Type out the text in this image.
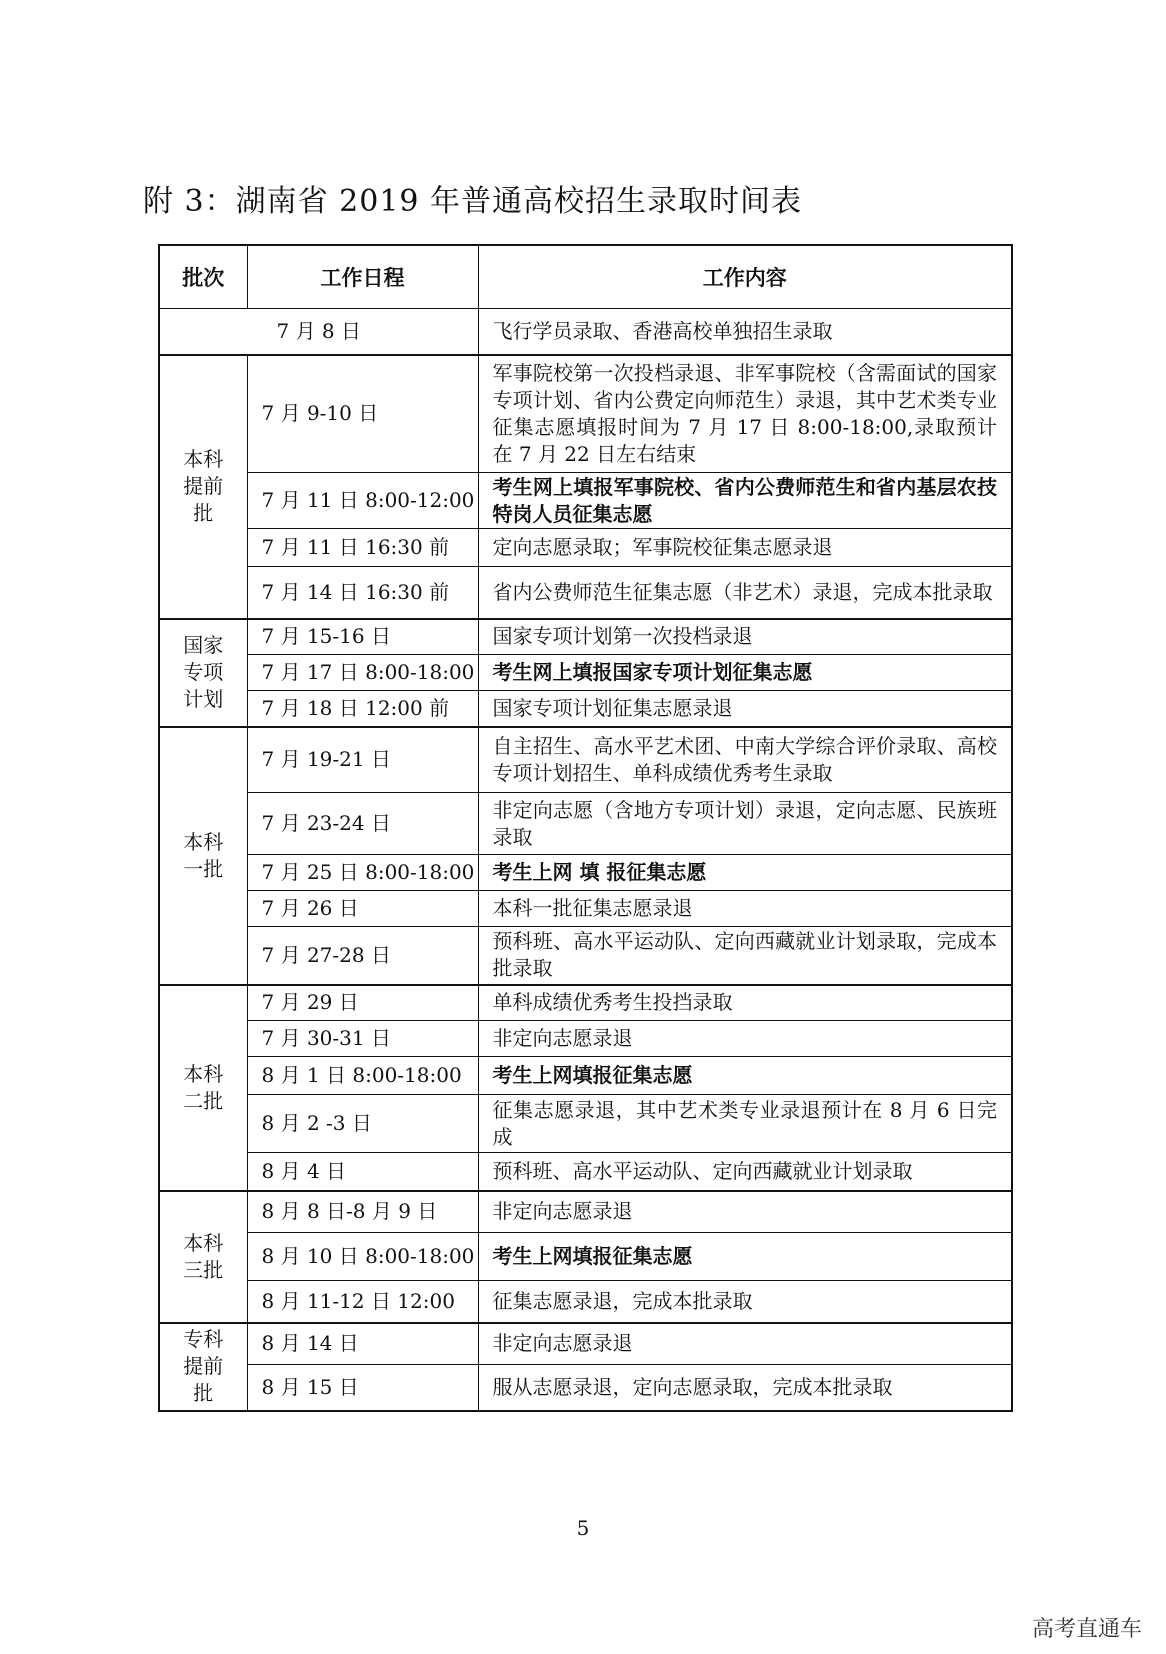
附 3：湖南省 2019 年普通高校招生录取时间表
批次	工作日程	工作内容
7 月 8 日		飞行学员录取、香港高校单独招生录取
本科
提前
批	7 月 9-10 日	军事院校第一次投档录退、非军事院校（含需面试的国家专项计划、省内公费定向师范生）录退，其中艺术类专业征集志愿填报时间为 7 月 17 日 8:00-18:00,录取预计在 7 月 22 日左右结束
	7 月 11 日 8:00-12:00	考生网上填报军事院校、省内公费师范生和省内基层农技特岗人员征集志愿
	7 月 11 日 16:30 前	定向志愿录取；军事院校征集志愿录退
	7 月 14 日 16:30 前	省内公费师范生征集志愿（非艺术）录退，完成本批录取
国家
专项
计划	7 月 15-16 日	国家专项计划第一次投档录退
	7 月 17 日 8:00-18:00	考生网上填报国家专项计划征集志愿
	7 月 18 日 12:00 前	国家专项计划征集志愿录退
本科
一批	7 月 19-21 日	自主招生、高水平艺术团、中南大学综合评价录取、高校专项计划招生、单科成绩优秀考生录取
	7 月 23-24 日	非定向志愿（含地方专项计划）录退，定向志愿、民族班录取
	7 月 25 日 8:00-18:00	考生上网 填 报征集志愿
	7 月 26 日	本科一批征集志愿录退
	7 月 27-28 日	预科班、高水平运动队、定向西藏就业计划录取，完成本批录取
本科
二批	7 月 29 日	单科成绩优秀考生投挡录取
	7 月 30-31 日	非定向志愿录退
	8 月 1 日 8:00-18:00	考生上网填报征集志愿
	8 月 2 -3 日	征集志愿录退，其中艺术类专业录退预计在 8 月 6 日完成
	8 月 4 日	预科班、高水平运动队、定向西藏就业计划录取
本科
三批	8 月 8 日-8 月 9 日	非定向志愿录退
	8 月 10 日 8:00-18:00	考生上网填报征集志愿
	8 月 11-12 日 12:00	征集志愿录退，完成本批录取
专科
提前
批	8 月 14 日	非定向志愿录退
	8 月 15 日	服从志愿录退，定向志愿录取，完成本批录取
5
高考直通车
